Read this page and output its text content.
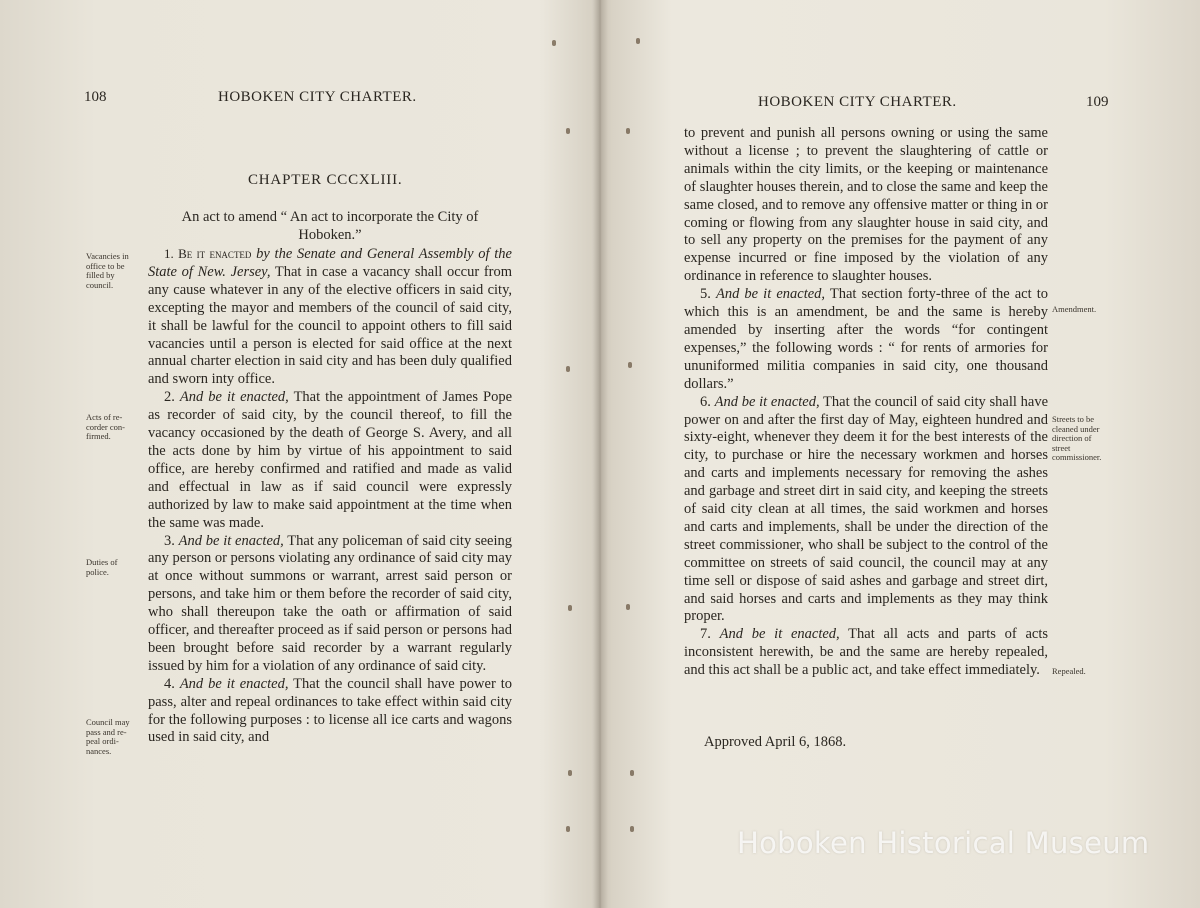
108	HOBOKEN CITY CHARTER.
CHAPTER CCCXLIII.
An act to amend “ An act to incorporate the City of
Hoboken.”
Vacancies in office to be filled by council.
Acts of re- corder con- firmed.
Duties of police.
Council may pass and re- peal ordi- nances.

1. Be it enacted by the Senate and General Assembly of the State of New. Jersey, That in case a vacancy shall occur from any cause whatever in any of the elective officers in said city, excepting the mayor and members of the council of said city, it shall be lawful for the council to appoint others to fill said vacancies until a person is elected for said office at the next annual charter election in said city and has been duly qualified and sworn inty office.

2. And be it enacted, That the appointment of James Pope as recorder of said city, by the council thereof, to fill the vacancy occasioned by the death of George S. Avery, and all the acts done by him by virtue of his appointment to said office, are hereby confirmed and ratified and made as valid and effectual in law as if said council were expressly authorized by law to make said appointment at the time when the same was made.

3. And be it enacted, That any policeman of said city seeing any person or persons violating any ordinance of said city may at once without summons or warrant, arrest said person or persons, and take him or them before the recorder of said city, who shall thereupon take the oath or affirmation of said officer, and thereafter proceed as if said person or persons had been brought before said recorder by a warrant regularly issued by him for a violation of any ordinance of said city.

4. And be it enacted, That the council shall have power to pass, alter and repeal ordinances to take effect within said city for the following purposes : to license all ice carts and wagons used in said city, and

HOBOKEN CITY CHARTER.	109

to prevent and punish all persons owning or using the same without a license ; to prevent the slaughtering of cattle or animals within the city limits, or the keeping or maintenance of slaughter houses therein, and to close the same and keep the same closed, and to remove any offensive matter or thing in or coming or flowing from any slaughter house in said city, and to sell any property on the premises for the payment of any expense incurred or fine imposed by the violation of any ordinance in reference to slaughter houses.

5. And be it enacted, That section forty-three of the act to which this is an amendment, be and the same is hereby amended by inserting after the words “for contingent expenses,” the following words : “ for rents of armories for ununiformed militia companies in said city, one thousand dollars.”

6. And be it enacted, That the council of said city shall have power on and after the first day of May, eighteen hundred and sixty-eight, whenever they deem it for the best interests of the city, to purchase or hire the necessary workmen and horses and carts and implements necessary for removing the ashes and garbage and street dirt in said city, and keeping the streets of said city clean at all times, the said workmen and horses and carts and implements, shall be under the direction of the street commissioner, who shall be subject to the control of the committee on streets of said council, the council may at any time sell or dispose of said ashes and garbage and street dirt, and said horses and carts and implements as they may think proper.

7. And be it enacted, That all acts and parts of acts inconsistent herewith, be and the same are hereby repealed, and this act shall be a public act, and take effect immediately.

Approved April 6, 1868.
Amendment.
Streets to be cleaned under direction of street commissioner.
Repealed.
Hoboken Historical Museum
